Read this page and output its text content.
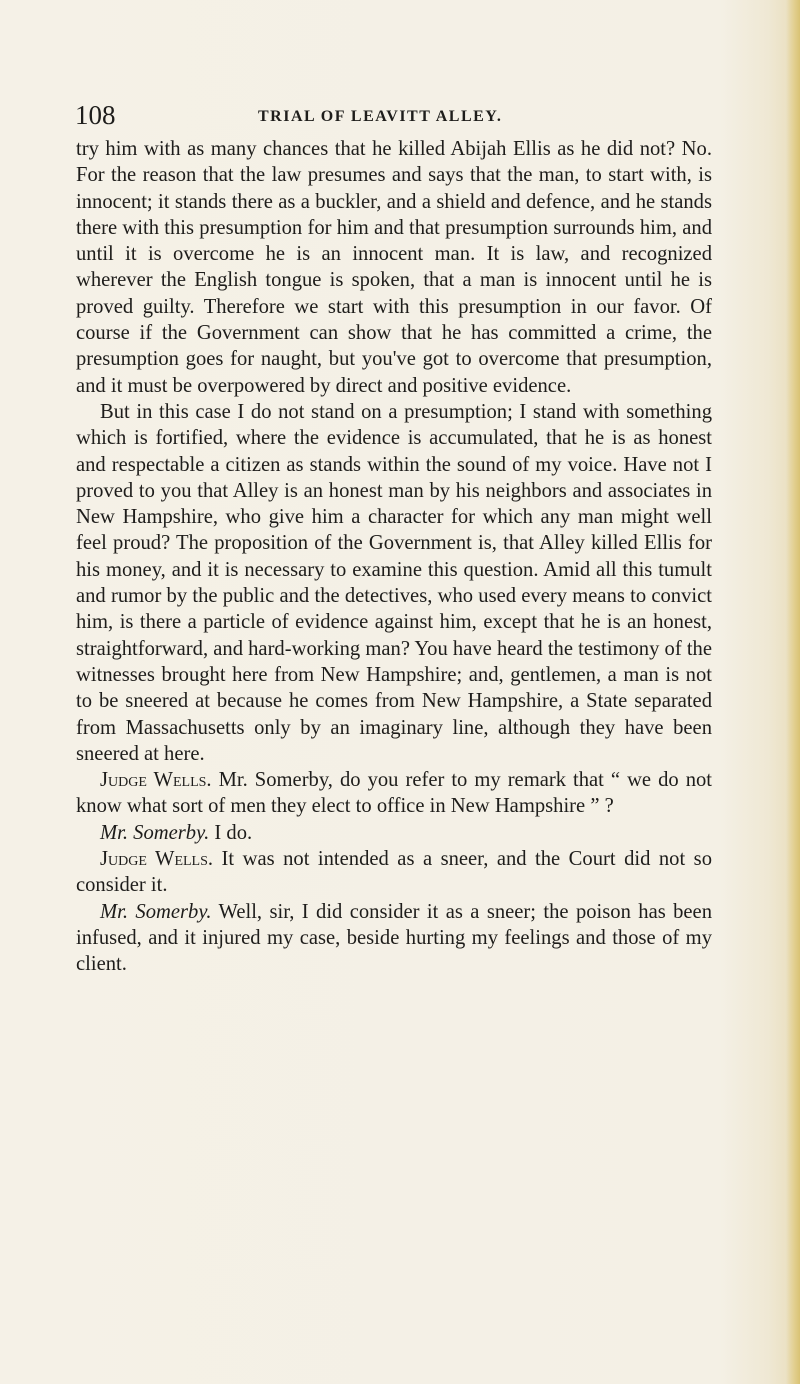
108	TRIAL OF LEAVITT ALLEY.

try him with as many chances that he killed Abijah Ellis as he did not? No. For the reason that the law presumes and says that the man, to start with, is innocent; it stands there as a buckler, and a shield and defence, and he stands there with this presumption for him and that presumption surrounds him, and until it is overcome he is an innocent man. It is law, and recognized wherever the English tongue is spoken, that a man is innocent until he is proved guilty. Therefore we start with this presumption in our favor. Of course if the Government can show that he has committed a crime, the presumption goes for naught, but you've got to overcome that presumption, and it must be overpowered by direct and positive evidence.

But in this case I do not stand on a presumption; I stand with something which is fortified, where the evidence is accumulated, that he is as honest and respectable a citizen as stands within the sound of my voice. Have not I proved to you that Alley is an honest man by his neighbors and associates in New Hampshire, who give him a character for which any man might well feel proud? The proposition of the Government is, that Alley killed Ellis for his money, and it is necessary to examine this question. Amid all this tumult and rumor by the public and the detectives, who used every means to convict him, is there a particle of evidence against him, except that he is an honest, straightforward, and hard-working man? You have heard the testimony of the witnesses brought here from New Hampshire; and, gentlemen, a man is not to be sneered at because he comes from New Hampshire, a State separated from Massachusetts only by an imaginary line, although they have been sneered at here.

Judge Wells. Mr. Somerby, do you refer to my remark that “ we do not know what sort of men they elect to office in New Hampshire ” ?

Mr. Somerby. I do.

Judge Wells. It was not intended as a sneer, and the Court did not so consider it.

Mr. Somerby. Well, sir, I did consider it as a sneer; the poison has been infused, and it injured my case, beside hurting my feelings and those of my client.
